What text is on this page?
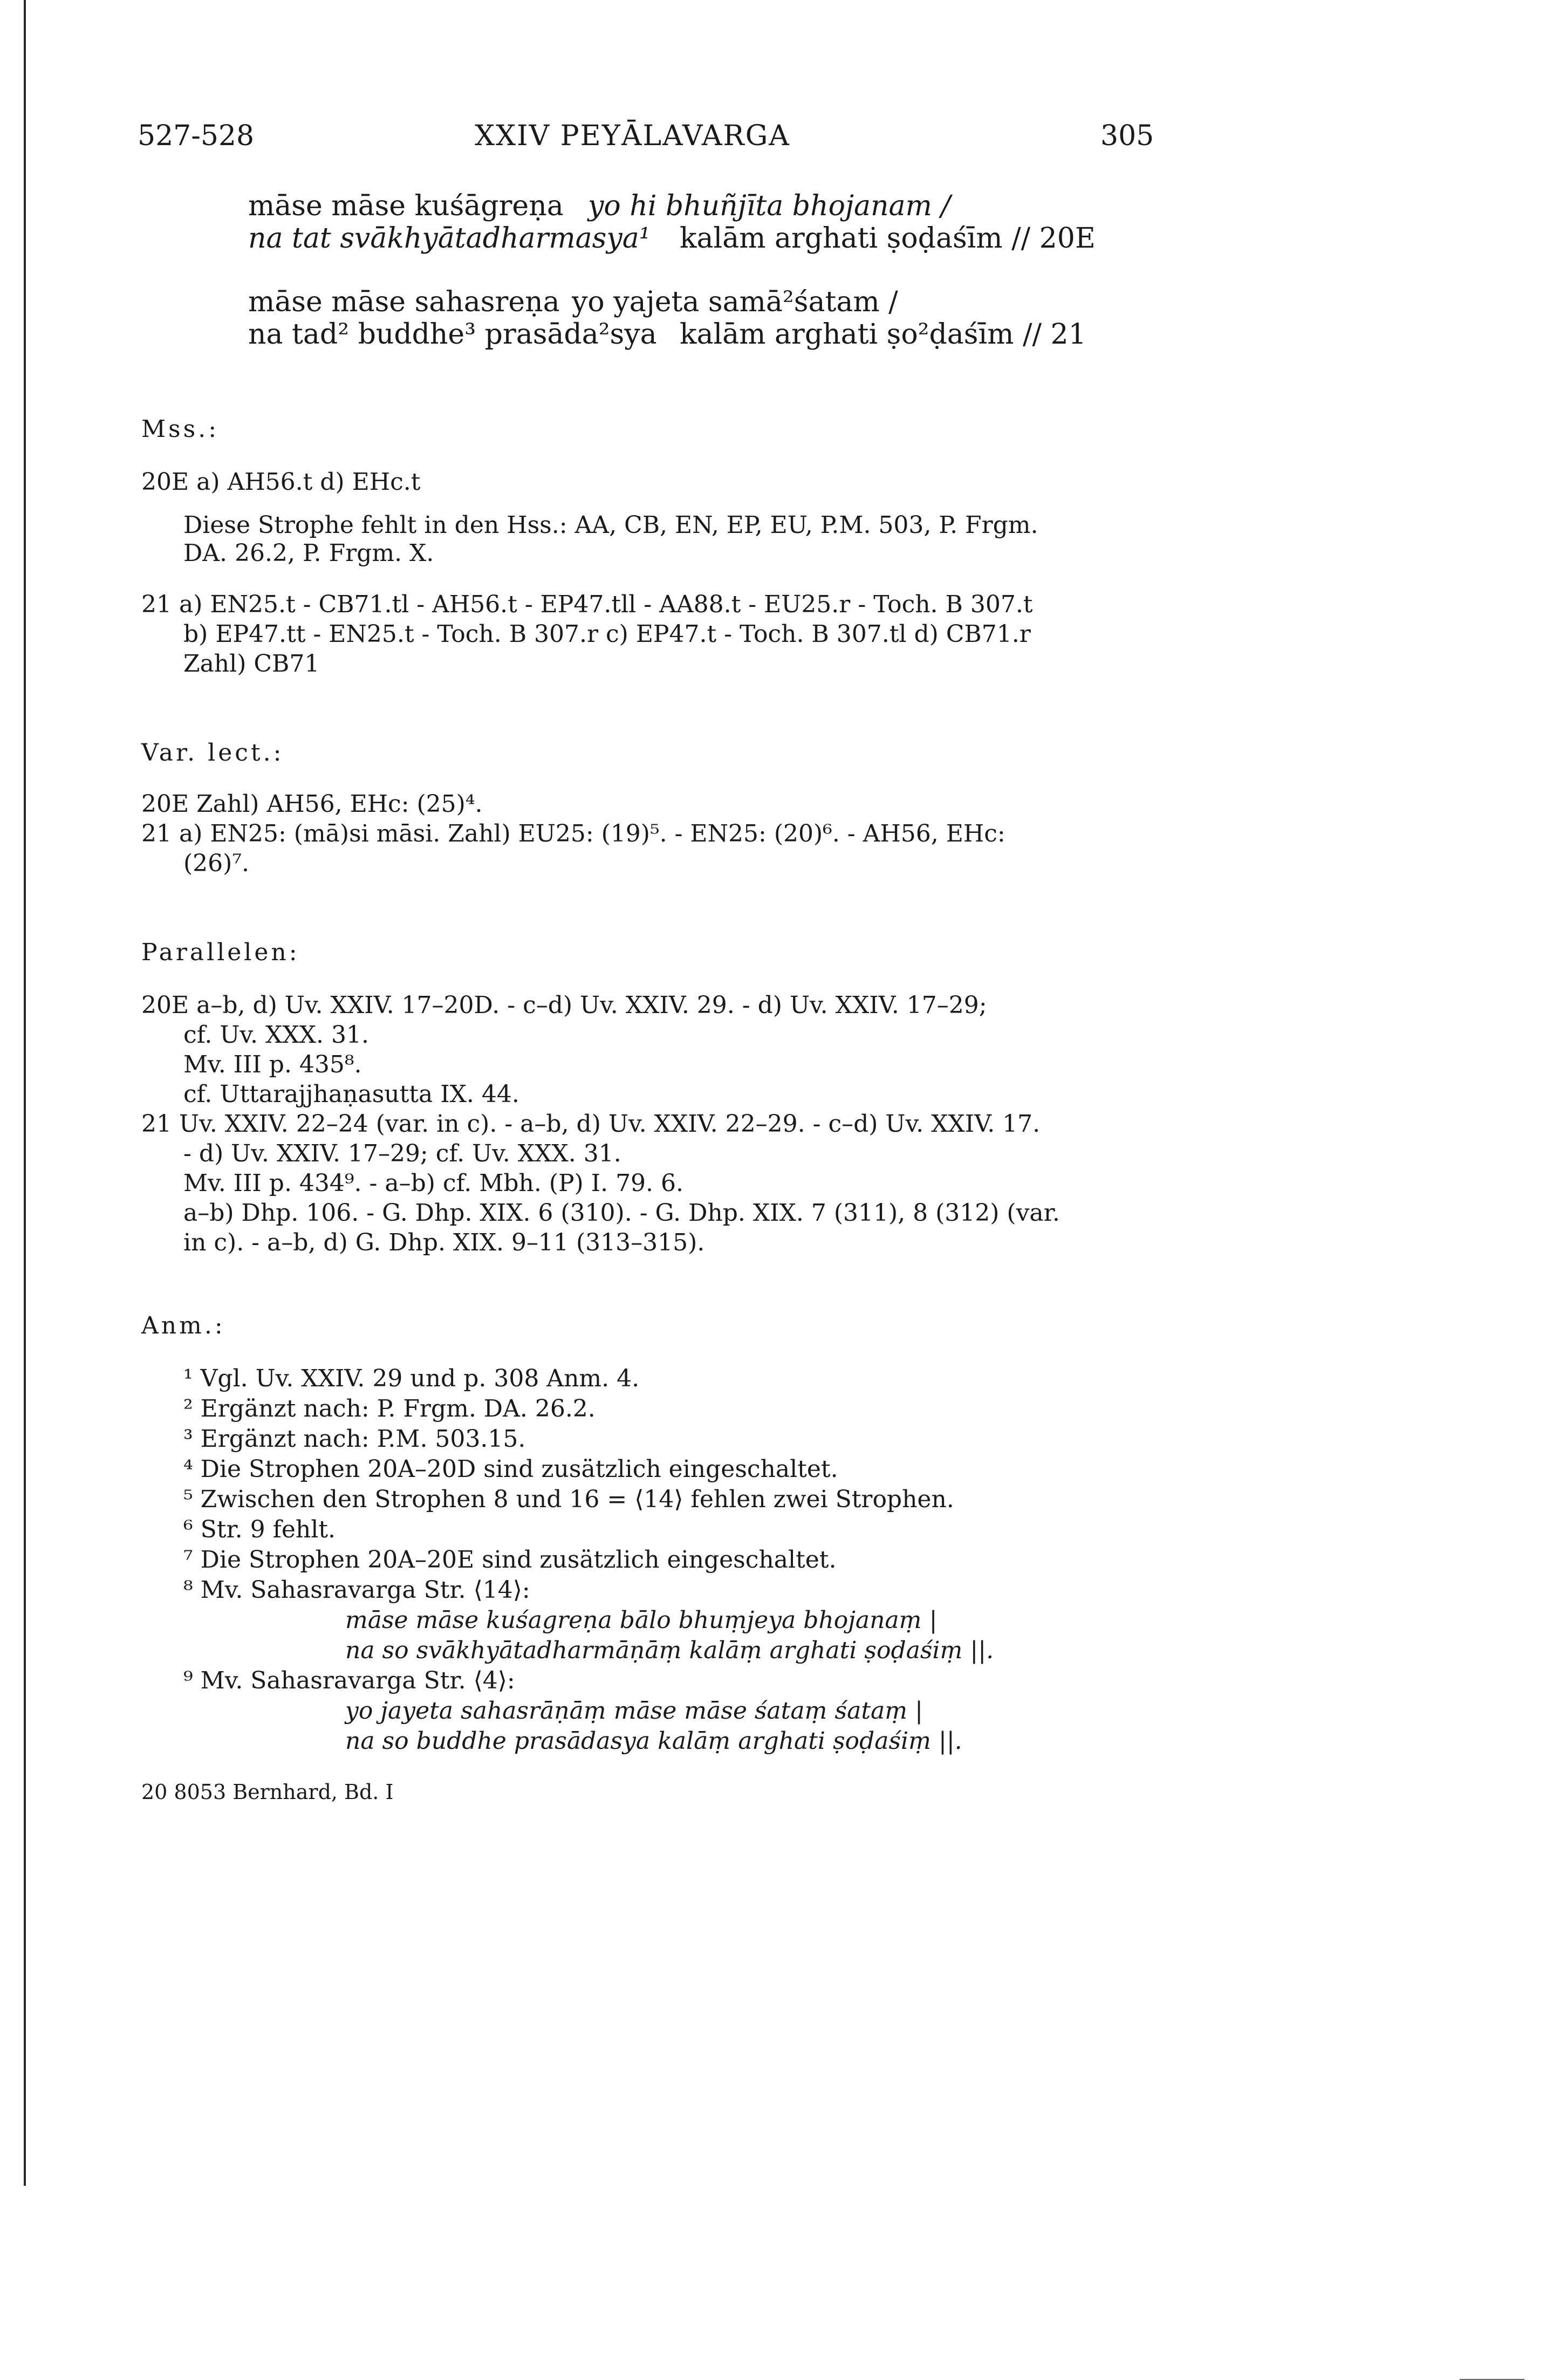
527-528	XXIV PEYĀLAVARGA	305
māse māse kuśāgreṇa yo hi bhuñjīta bhojanam /
na tat svākhyātadharmasya¹ kalām arghati ṣoḍaśīm // 20E
māse māse sahasreṇa yo yajeta samā²śatam /
na tad² buddhe³ prasāda²sya kalām arghati ṣo²ḍaśīm // 21
Mss.:
20E a) AH56.t d) EHc.t
Diese Strophe fehlt in den Hss.: AA, CB, EN, EP, EU, P.M. 503, P. Frgm.
DA. 26.2, P. Frgm. X.
21 a) EN25.t - CB71.tl - AH56.t - EP47.tll - AA88.t - EU25.r - Toch. B 307.t
b) EP47.tt - EN25.t - Toch. B 307.r c) EP47.t - Toch. B 307.tl d) CB71.r
Zahl) CB71
Var. lect.:
20E Zahl) AH56, EHc: (25)⁴.
21 a) EN25: (mā)si māsi. Zahl) EU25: (19)⁵. - EN25: (20)⁶. - AH56, EHc:
(26)⁷.
Parallelen:
20E a–b, d) Uv. XXIV. 17–20D. - c–d) Uv. XXIV. 29. - d) Uv. XXIV. 17–29;
cf. Uv. XXX. 31.
Mv. III p. 435⁸.
cf. Uttarajjhaṇasutta IX. 44.
21 Uv. XXIV. 22–24 (var. in c). - a–b, d) Uv. XXIV. 22–29. - c–d) Uv. XXIV. 17.
- d) Uv. XXIV. 17–29; cf. Uv. XXX. 31.
Mv. III p. 434⁹. - a–b) cf. Mbh. (P) I. 79. 6.
a–b) Dhp. 106. - G. Dhp. XIX. 6 (310). - G. Dhp. XIX. 7 (311), 8 (312) (var.
in c). - a–b, d) G. Dhp. XIX. 9–11 (313–315).
Anm.:
¹ Vgl. Uv. XXIV. 29 und p. 308 Anm. 4.
² Ergänzt nach: P. Frgm. DA. 26.2.
³ Ergänzt nach: P.M. 503.15.
⁴ Die Strophen 20A–20D sind zusätzlich eingeschaltet.
⁵ Zwischen den Strophen 8 und 16 = ⟨14⟩ fehlen zwei Strophen.
⁶ Str. 9 fehlt.
⁷ Die Strophen 20A–20E sind zusätzlich eingeschaltet.
⁸ Mv. Sahasravarga Str. ⟨14⟩:
māse māse kuśagreṇa bālo bhuṃjeya bhojanaṃ |
na so svākhyātadharmāṇāṃ kalāṃ arghati ṣoḍaśiṃ ||.
⁹ Mv. Sahasravarga Str. ⟨4⟩:
yo jayeta sahasrāṇāṃ māse māse śataṃ śataṃ |
na so buddhe prasādasya kalāṃ arghati ṣoḍaśiṃ ||.
20 8053 Bernhard, Bd. I
